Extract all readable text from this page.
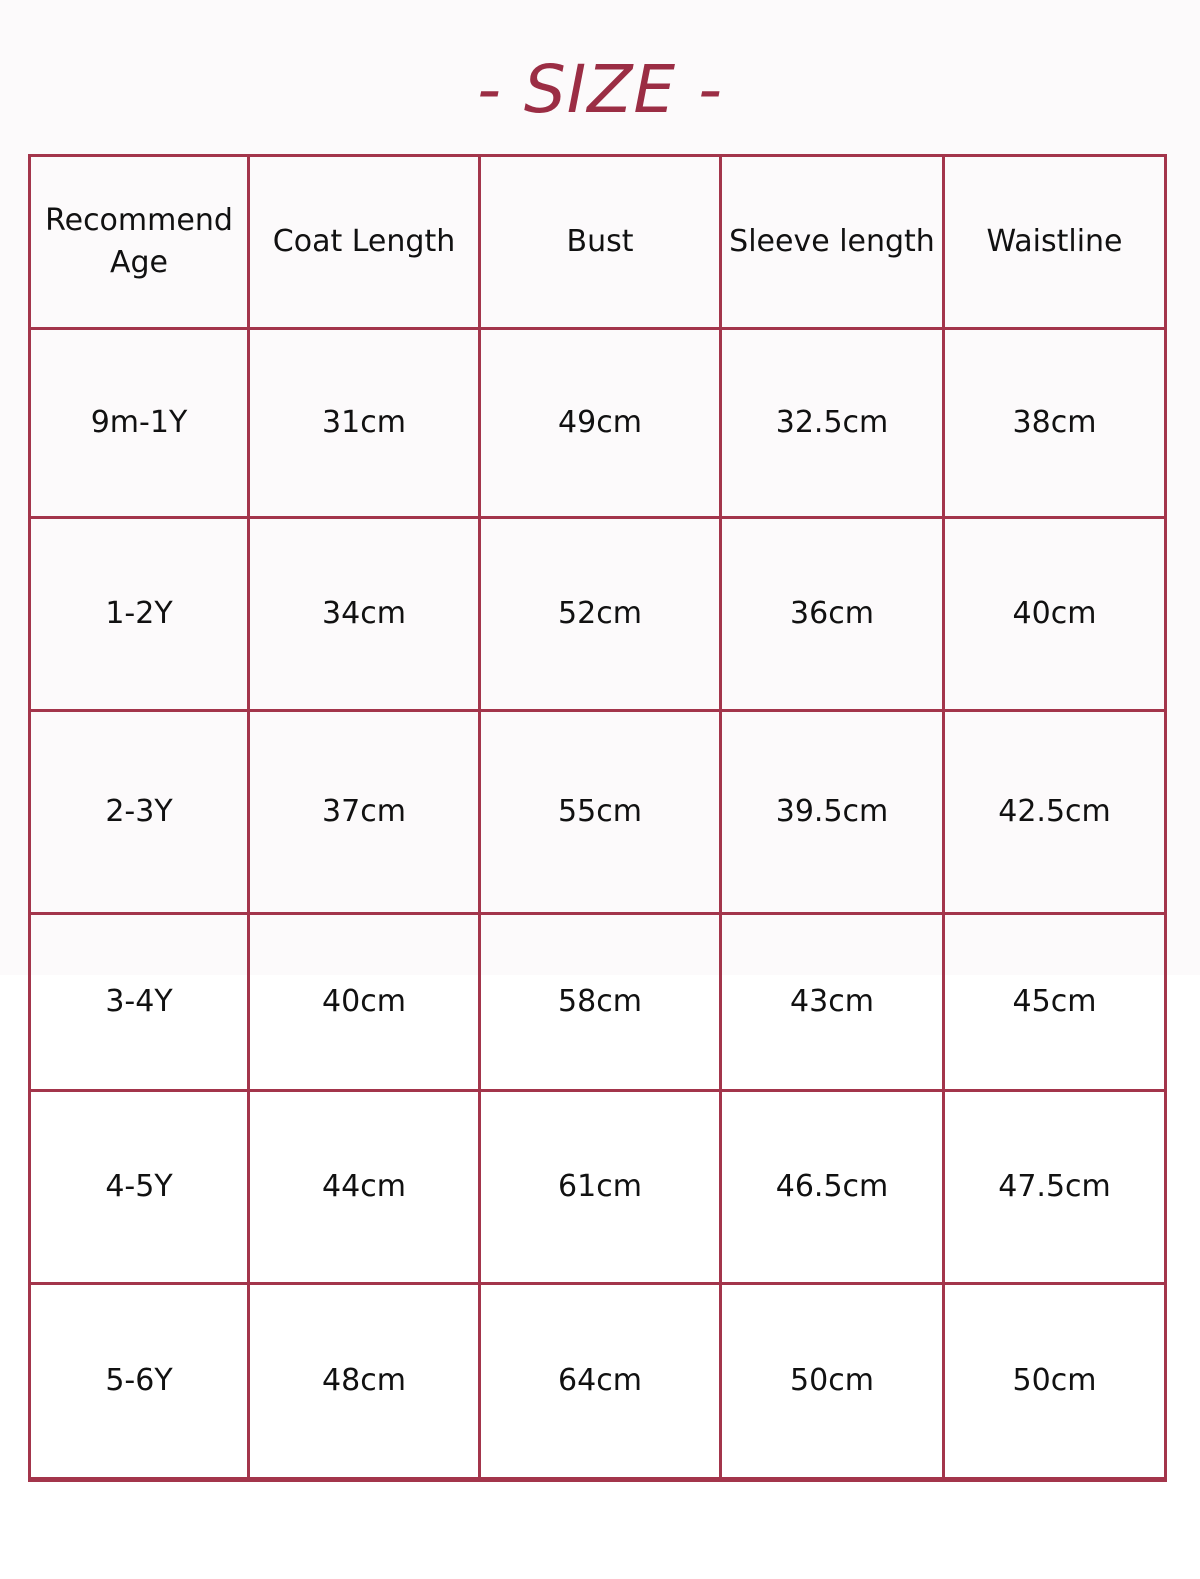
- SIZE -
Recommend Age	Coat Length	Bust	Sleeve length	Waistline
9m-1Y	31cm	49cm	32.5cm	38cm
1-2Y	34cm	52cm	36cm	40cm
2-3Y	37cm	55cm	39.5cm	42.5cm
3-4Y	40cm	58cm	43cm	45cm
4-5Y	44cm	61cm	46.5cm	47.5cm
5-6Y	48cm	64cm	50cm	50cm
